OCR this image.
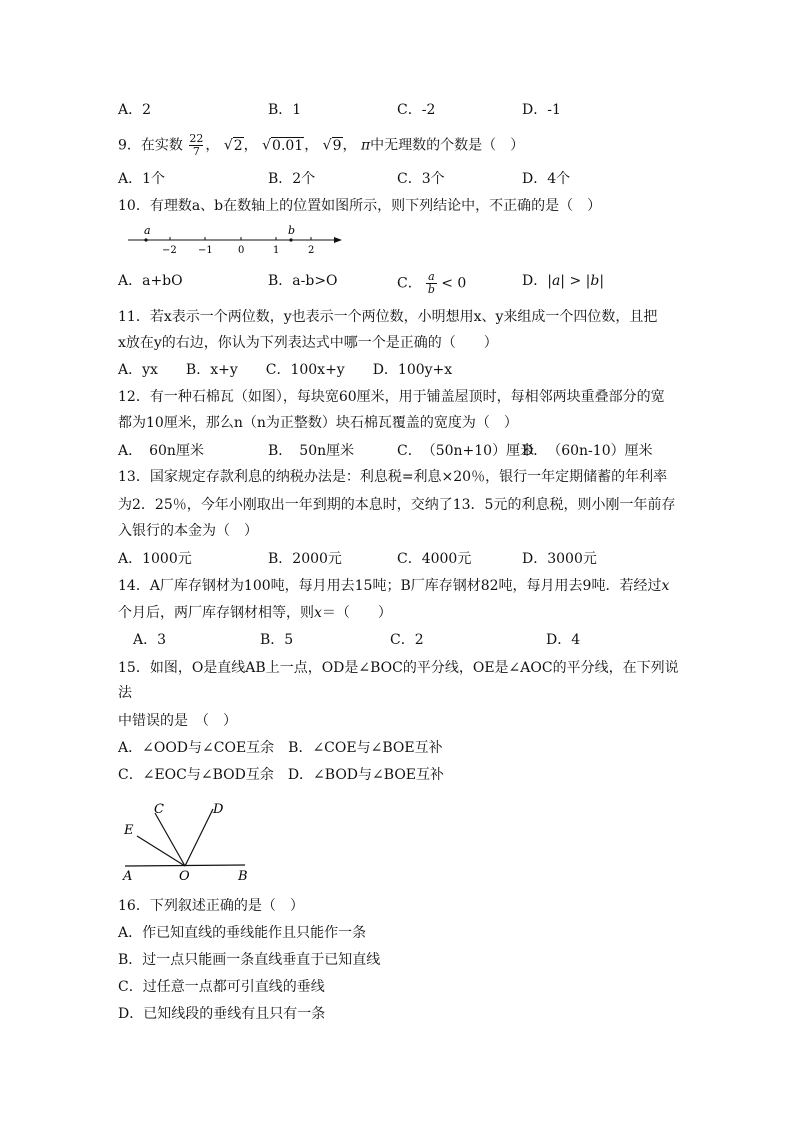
A．2	B．1	C．-2	D．-1
9．在实数 $\frac{22}{7}$ ， √2， √0.01， √9， π中无理数的个数是（　）
A．1个	B．2个	C．3个	D．4个
10．有理数a、b在数轴上的位置如图所示，则下列结论中，不正确的是（　）
a	b
−2 −1	0	1	2
A．a+bO	B．a-b>O	C． $\frac{a}{b} < 0$	D．|a| > |b|
11．若x表示一个两位数，y也表示一个两位数，小明想用x、y来组成一个四位数，且把
x放在y的右边，你认为下列表达式中哪一个是正确的（　　）
A．yx　　B．x+y　　C．100x+y　　D．100y+x
12．有一种石棉瓦（如图），每块宽60厘米，用于铺盖屋顶时，每相邻两块重叠部分的宽
都为10厘米，那么n（n为正整数）块石棉瓦覆盖的宽度为（　）
A．　60n厘米	B．　50n厘米	C．　（50n+10）厘米
D．　（60n-10）厘米
13．国家规定存款利息的纳税办法是：利息税=利息×20％，银行一年定期储蓄的年利率
为2．25％，今年小刚取出一年到期的本息时，交纳了13．5元的利息税，则小刚一年前存
入银行的本金为（　）
A．1000元	B．2000元	C．4000元	D．3000元
14．A厂库存钢材为100吨，每月用去15吨；B厂库存钢材82吨，每月用去9吨．若经过x
个月后，两厂库存钢材相等，则x＝（　　）
A．3	B．5	C．2	D．4
15．如图，O是直线AB上一点，OD是∠BOC的平分线，OE是∠AOC的平分线，在下列说
法
中错误的是　（　）
A．∠OOD与∠COE互余　B．∠COE与∠BOE互补
C．∠EOC与∠BOD互余　D．∠BOD与∠BOE互补
C	D
E
A	O	B
16．下列叙述正确的是（　）
A．作已知直线的垂线能作且只能作一条
B．过一点只能画一条直线垂直于已知直线
C．过任意一点都可引直线的垂线
D．已知线段的垂线有且只有一条
